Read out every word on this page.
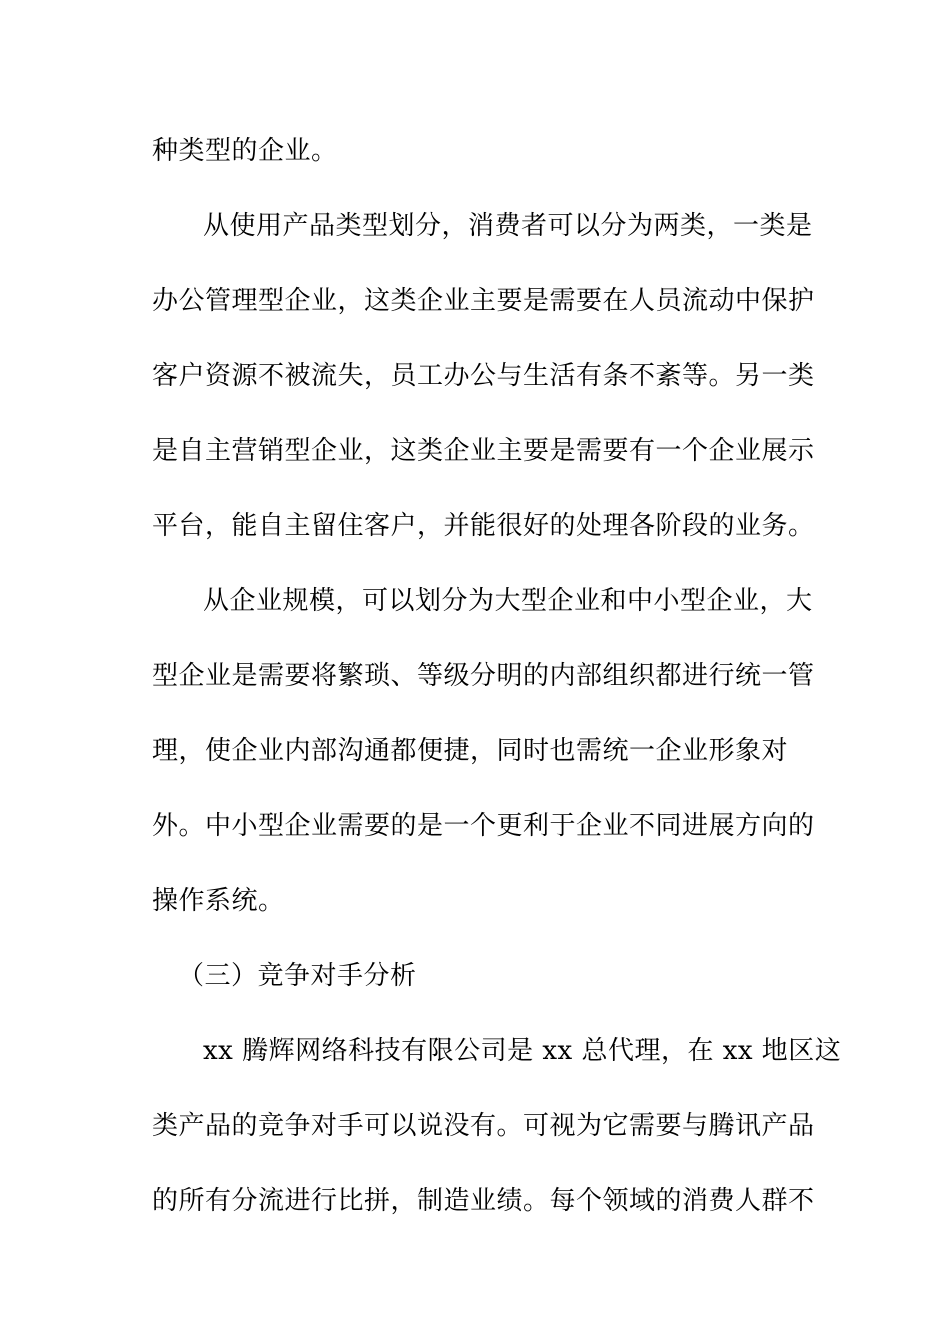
种类型的企业。
从使用产品类型划分，消费者可以分为两类，一类是
办公管理型企业，这类企业主要是需要在人员流动中保护
客户资源不被流失，员工办公与生活有条不紊等。另一类
是自主营销型企业，这类企业主要是需要有一个企业展示
平台，能自主留住客户，并能很好的处理各阶段的业务。
从企业规模，可以划分为大型企业和中小型企业，大
型企业是需要将繁琐、等级分明的内部组织都进行统一管
理，使企业内部沟通都便捷，同时也需统一企业形象对
外。中小型企业需要的是一个更利于企业不同进展方向的
操作系统。
（三）竞争对手分析
xx 腾辉网络科技有限公司是 xx 总代理，在 xx 地区这
类产品的竞争对手可以说没有。可视为它需要与腾讯产品
的所有分流进行比拼，制造业绩。每个领域的消费人群不
